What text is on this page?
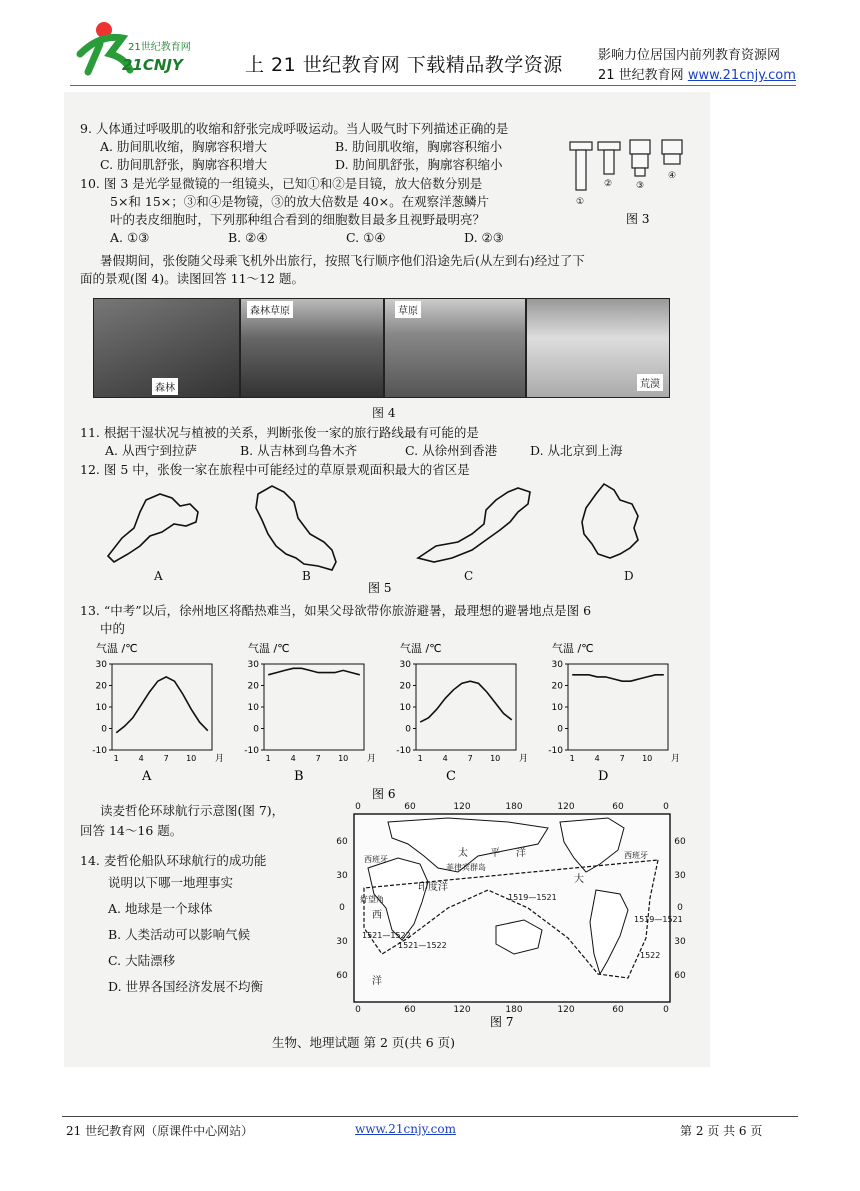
21世纪教育网
21CNJY	上 21 世纪教育网 下载精品教学资源	影响力位居国内前列教育资源网
21 世纪教育网 www.21cnjy.com
9. 人体通过呼吸肌的收缩和舒张完成呼吸运动。当人吸气时下列描述正确的是
A. 肋间肌收缩，胸廓容积增大	B. 肋间肌收缩，胸廓容积缩小
C. 肋间肌舒张，胸廓容积增大	D. 肋间肌舒张，胸廓容积缩小
①
②	③
④
图 3
10. 图 3 是光学显微镜的一组镜头，已知①和②是目镜，放大倍数分别是
5×和 15×；③和④是物镜，③的放大倍数是 40×。在观察洋葱鳞片
叶的表皮细胞时，下列那种组合看到的细胞数目最多且视野最明亮？
A. ①③	B. ②④	C. ①④	D. ②③
暑假期间，张俊随父母乘飞机外出旅行，按照飞行顺序他们沿途先后(从左到右)经过了下
面的景观(图 4)。读图回答 11～12 题。
森林
森林草原	草原
荒漠
图 4
11. 根据干湿状况与植被的关系，判断张俊一家的旅行路线最有可能的是
A. 从西宁到拉萨	B. 从吉林到乌鲁木齐	C. 从徐州到香港	D. 从北京到上海
12. 图 5 中，张俊一家在旅程中可能经过的草原景观面积最大的省区是
A	B	C	D
图 5
13. “中考”以后，徐州地区将酷热难当，如果父母欲带你旅游避暑，最理想的避暑地点是图 6
中的
气温 /℃
30
20
10
0
-10
1 4 7 10 月
A
气温 /℃
30
20
10
0
-10
1 4 7 10 月
B
气温 /℃
30
20
10
0
-10
1 4 7 10 月
C
气温 /℃
30
20
10
0
-10
1 4 7 10 月
D
图 6
读麦哲伦环球航行示意图(图 7)，
回答 14～16 题。
14. 麦哲伦船队环球航行的成功能
说明以下哪一地理事实
A. 地球是一个球体
B. 人类活动可以影响气候
C. 大陆漂移
D. 世界各国经济发展不均衡
0
0
60
60
120
120
180
180
120
120
60
60
0
0
60
30
0
30
60
60
30
0
30
60
太 平 洋
大
西
洋
印度洋
菲律宾群岛
好望角
西班牙
西班牙
1519—1521
1521—1522
1521—1522
1519—1521
1522
图 7
生物、地理试题 第 2 页(共 6 页)
21 世纪教育网（原课件中心网站）	www.21cnjy.com	第 2 页 共 6 页
